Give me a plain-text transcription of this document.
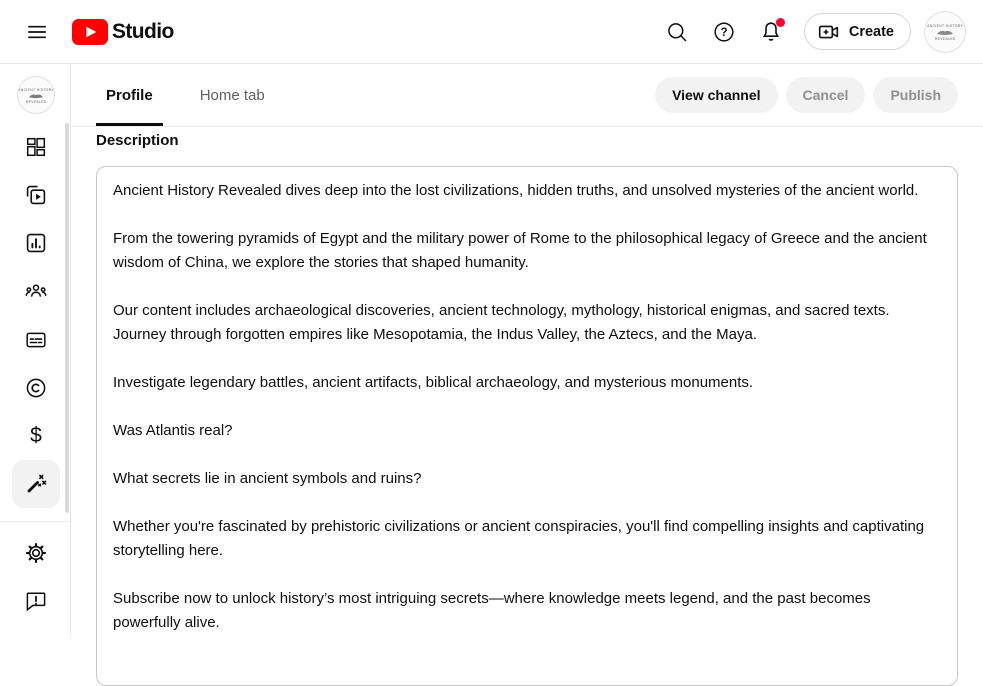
Studio	?	Create	ANCIENT HISTORY
REVEALED
ANCIENT HISTORY
REVEALED
$
Profile	Home tab	View channel	Cancel	Publish
Description
Ancient History Revealed dives deep into the lost civilizations, hidden truths, and unsolved mysteries of the ancient world. From the towering pyramids of Egypt and the military power of Rome to the philosophical legacy of Greece and the ancient wisdom of China, we explore the stories that shaped humanity. Our content includes archaeological discoveries, ancient technology, mythology, historical enigmas, and sacred texts. Journey through forgotten empires like Mesopotamia, the Indus Valley, the Aztecs, and the Maya. Investigate legendary battles, ancient artifacts, biblical archaeology, and mysterious monuments. Was Atlantis real? What secrets lie in ancient symbols and ruins? Whether you're fascinated by prehistoric civilizations or ancient conspiracies, you'll find compelling insights and captivating storytelling here. Subscribe now to unlock history’s most intriguing secrets—where knowledge meets legend, and the past becomes powerfully alive.
